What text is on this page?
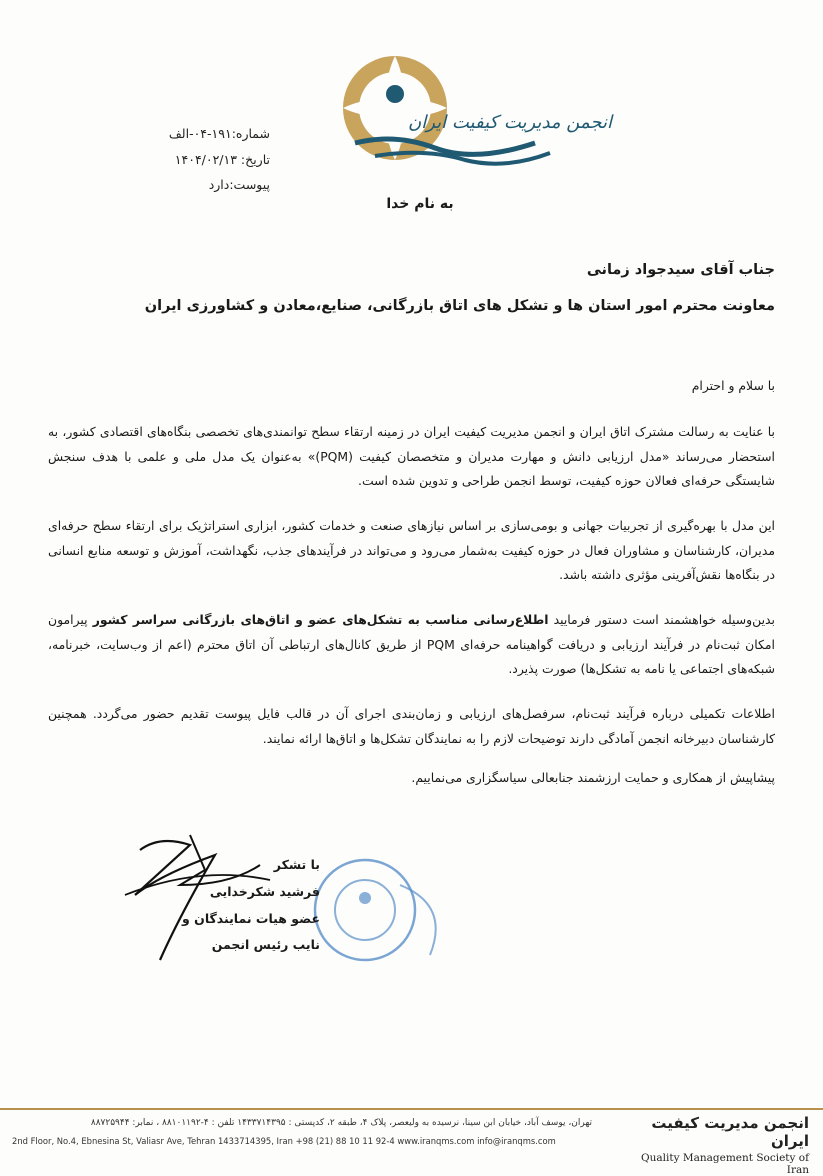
انجمن مدیریت کیفیت ایران
شماره:۱۹۱-۰۴-الف
تاریخ: ۱۴۰۴/۰۲/۱۳
پیوست:دارد
به نام خدا
جناب آقای سیدجواد زمانی
معاونت محترم امور استان ها و تشکل های اتاق بازرگانی، صنایع،معادن و کشاورزی ایران
با سلام و احترام
با عنایت به رسالت مشترک اتاق ایران و انجمن مدیریت کیفیت ایران در زمینه ارتقاء سطح توانمندی‌های تخصصی بنگاه‌های اقتصادی کشور، به استحضار می‌رساند «مدل ارزیابی دانش و مهارت مدیران و متخصصان کیفیت (PQM)» به‌عنوان یک مدل ملی و علمی با هدف سنجش شایستگی حرفه‌ای فعالان حوزه کیفیت، توسط انجمن طراحی و تدوین شده است.
این مدل با بهره‌گیری از تجربیات جهانی و بومی‌سازی بر اساس نیازهای صنعت و خدمات کشور، ابزاری استراتژیک برای ارتقاء سطح حرفه‌ای مدیران، کارشناسان و مشاوران فعال در حوزه کیفیت به‌شمار می‌رود و می‌تواند در فرآیندهای جذب، نگهداشت، آموزش و توسعه منابع انسانی در بنگاه‌ها نقش‌آفرینی مؤثری داشته باشد.
بدین‌وسیله خواهشمند است دستور فرمایید اطلاع‌رسانی مناسب به تشکل‌های عضو و اتاق‌های بازرگانی سراسر کشور پیرامون امکان ثبت‌نام در فرآیند ارزیابی و دریافت گواهینامه حرفه‌ای PQM از طریق کانال‌های ارتباطی آن اتاق محترم (اعم از وب‌سایت، خبرنامه، شبکه‌های اجتماعی یا نامه به تشکل‌ها) صورت پذیرد.
اطلاعات تکمیلی درباره فرآیند ثبت‌نام، سرفصل‌های ارزیابی و زمان‌بندی اجرای آن در قالب فایل پیوست تقدیم حضور می‌گردد. همچنین کارشناسان دبیرخانه انجمن آمادگی دارند توضیحات لازم را به نمایندگان تشکل‌ها و اتاق‌ها ارائه نمایند.
پیشاپیش از همکاری و حمایت ارزشمند جنابعالی سیاسگزاری می‌نماییم.
با تشکر
فرشید شکرخدایی
عضو هیات نمایندگان و
نایب رئیس انجمن
تهران، یوسف آباد، خیابان ابن سینا، نرسیده به ولیعصر، پلاک ۴، طبقه ۲، کدپستی : ۱۴۳۳۷۱۴۳۹۵ تلفن : ۴-۸۸۱۰۱۱۹۲ ، نمابر: ۸۸۷۲۵۹۴۴
2nd Floor, No.4, Ebnesina St, Valiasr Ave, Tehran 1433714395, Iran +98 (21) 88 10 11 92-4 www.iranqms.com info@iranqms.com
انجمن مدیریت کیفیت ایران
Quality Management Society of Iran
